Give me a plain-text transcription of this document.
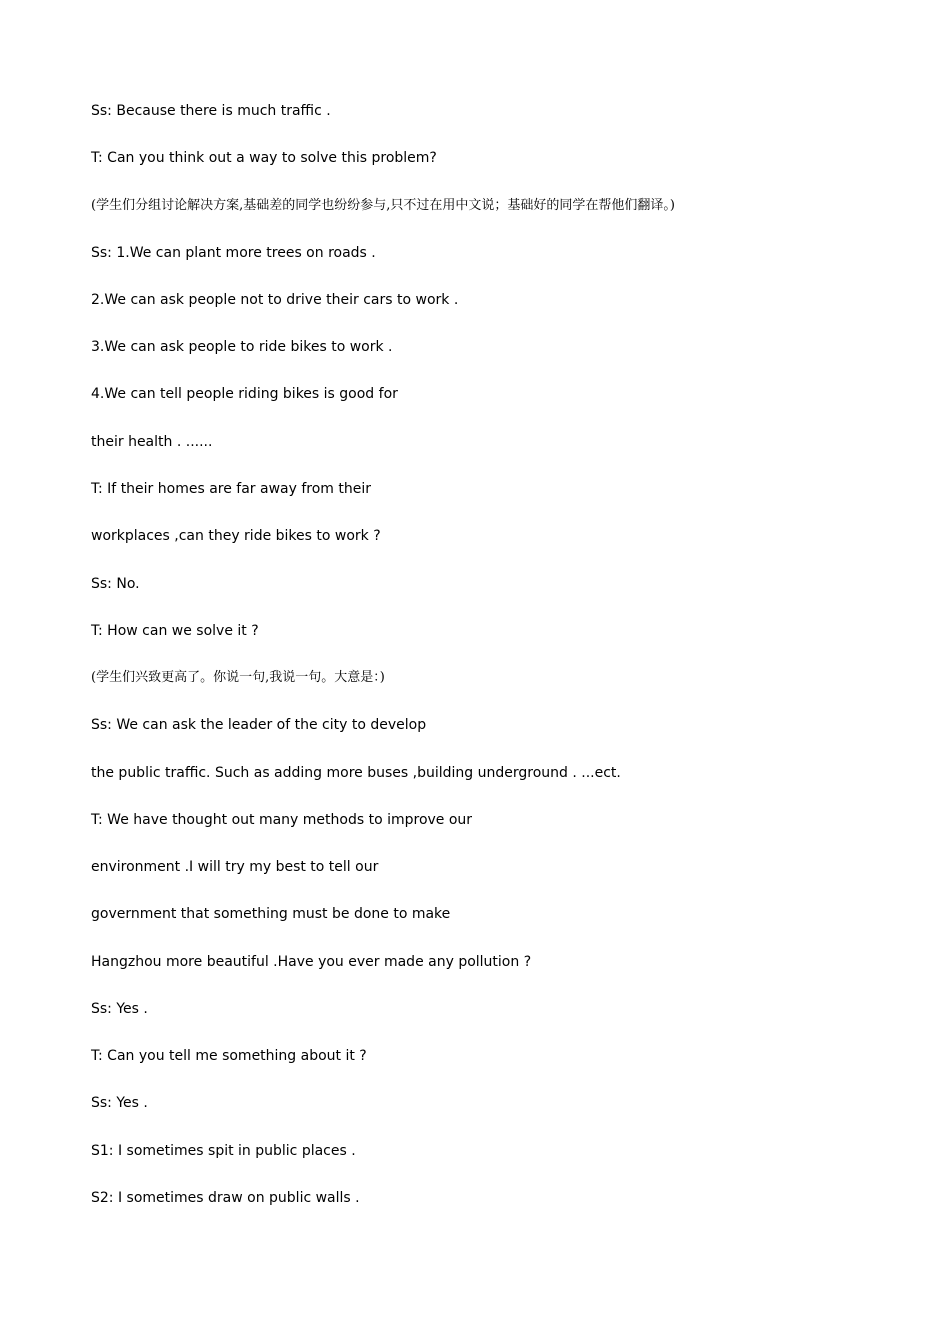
Ss: Because there is much traffic .
T: Can you think out a way to solve this problem?
(学生们分组讨论解决方案,基础差的同学也纷纷参与,只不过在用中文说；基础好的同学在帮他们翻译。)
Ss: 1.We can plant more trees on roads .
2.We can ask people not to drive their cars to work .
3.We can ask people to ride bikes to work .
4.We can tell people riding bikes is good for
their health . ......
T: If their homes are far away from their
workplaces ,can they ride bikes to work ?
Ss: No.
T: How can we solve it ?
(学生们兴致更高了。你说一句,我说一句。大意是：)
Ss: We can ask the leader of the city to develop
the public traffic. Such as adding more buses ,building underground . ...ect.
T: We have thought out many methods to improve our
environment .I will try my best to tell our
government that something must be done to make
Hangzhou more beautiful .Have you ever made any pollution ?
Ss: Yes .
T: Can you tell me something about it ?
Ss: Yes .
S1: I sometimes spit in public places .
S2: I sometimes draw on public walls .
